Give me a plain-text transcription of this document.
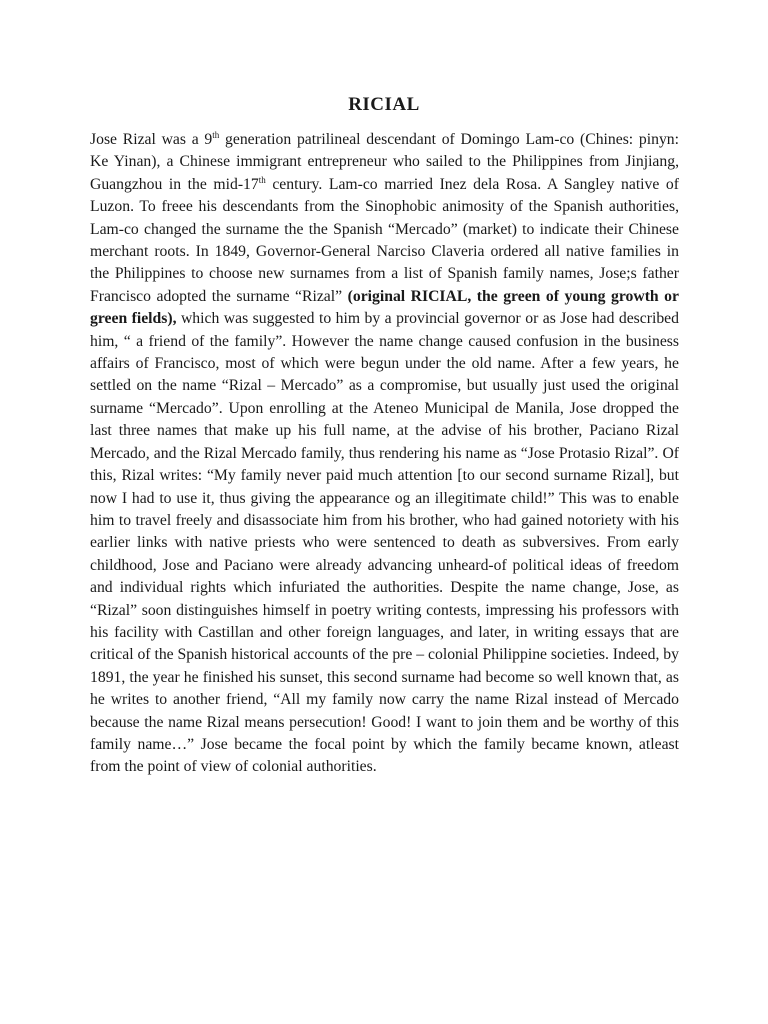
RICIAL

Jose Rizal was a 9th generation patrilineal descendant of Domingo Lam-co (Chines: pinyn: Ke Yinan), a Chinese immigrant entrepreneur who sailed to the Philippines from Jinjiang, Guangzhou in the mid-17th century. Lam-co married Inez dela Rosa. A Sangley native of Luzon. To freee his descendants from the Sinophobic animosity of the Spanish authorities, Lam-co changed the surname the the Spanish “Mercado” (market) to indicate their Chinese merchant roots. In 1849, Governor-General Narciso Claveria ordered all native families in the Philippines to choose new surnames from a list of Spanish family names, Jose;s father Francisco adopted the surname “Rizal” (original RICIAL, the green of young growth or green fields), which was suggested to him by a provincial governor or as Jose had described him, “ a friend of the family”. However the name change caused confusion in the business affairs of Francisco, most of which were begun under the old name. After a few years, he settled on the name “Rizal – Mercado” as a compromise, but usually just used the original surname “Mercado”. Upon enrolling at the Ateneo Municipal de Manila, Jose dropped the last three names that make up his full name, at the advise of his brother, Paciano Rizal Mercado, and the Rizal Mercado family, thus rendering his name as “Jose Protasio Rizal”. Of this, Rizal writes: “My family never paid much attention [to our second surname Rizal], but now I had to use it, thus giving the appearance og an illegitimate child!” This was to enable him to travel freely and disassociate him from his brother, who had gained notoriety with his earlier links with native priests who were sentenced to death as subversives. From early childhood, Jose and Paciano were already advancing unheard-of political ideas of freedom and individual rights which infuriated the authorities. Despite the name change, Jose, as “Rizal” soon distinguishes himself in poetry writing contests, impressing his professors with his facility with Castillan and other foreign languages, and later, in writing essays that are critical of the Spanish historical accounts of the pre – colonial Philippine societies. Indeed, by 1891, the year he finished his sunset, this second surname had become so well known that, as he writes to another friend, “All my family now carry the name Rizal instead of Mercado because the name Rizal means persecution! Good! I want to join them and be worthy of this family name…” Jose became the focal point by which the family became known, atleast from the point of view of colonial authorities.
